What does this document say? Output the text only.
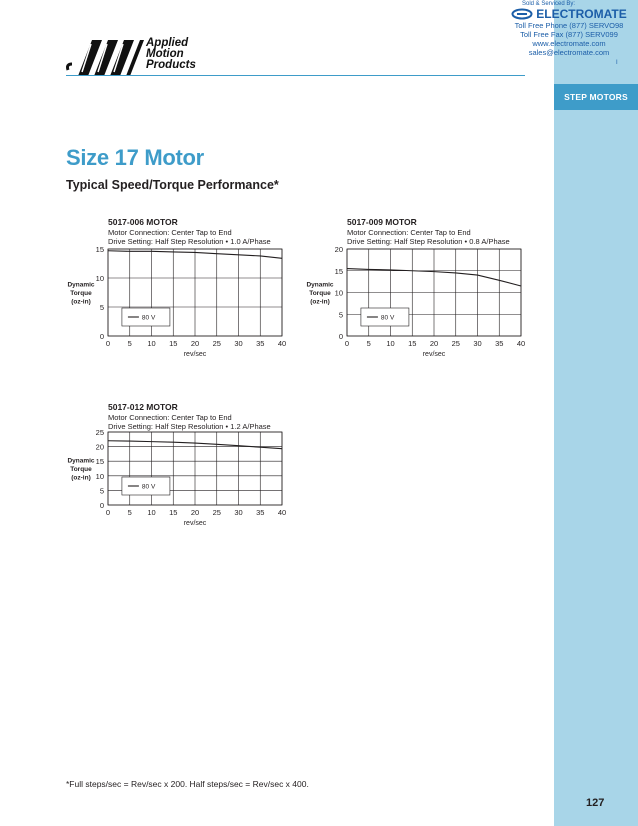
STEP MOTORS
Sold & Serviced By:
ELECTROMATE
Toll Free Phone (877) SERVO98
Toll Free Fax (877) SERV099
www.electromate.com
sales@electromate.com
I
Applied
Motion
Products
Size 17 Motor
Typical Speed/Torque Performance*
5017-006 MOTOR
Motor Connection: Center Tap to End
Drive Setting: Half Step Resolution • 1.0 A/Phase
0 5 10 15 20 25 30 35 40
0
5
10
15
rev/sec
Dynamic Torque (oz-in)
80 V
5017-009 MOTOR
Motor Connection: Center Tap to End
Drive Setting: Half Step Resolution • 0.8 A/Phase
0 5 10 15 20 25 30 35 40
0
5
10
15
20
rev/sec
Dynamic Torque (oz-in)
80 V
5017-012 MOTOR
Motor Connection: Center Tap to End
Drive Setting: Half Step Resolution • 1.2 A/Phase
0 5 10 15 20 25 30 35 40
0
5
10
15
20
25
rev/sec
Dynamic Torque (oz-in)
80 V
*Full steps/sec = Rev/sec x 200. Half steps/sec = Rev/sec x 400.
127
